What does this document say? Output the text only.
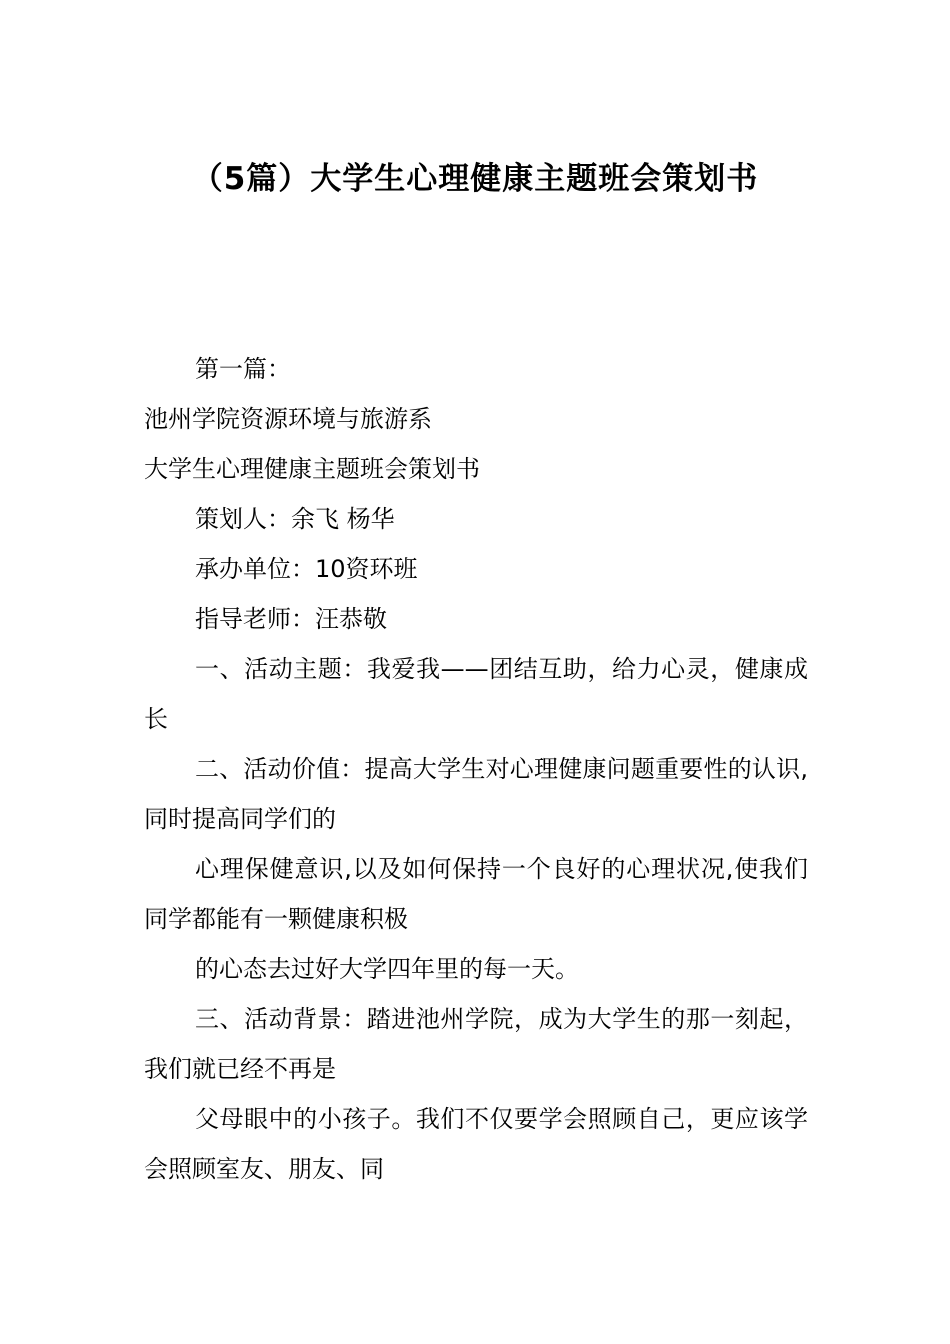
（5篇）大学生心理健康主题班会策划书

第一篇：

池州学院资源环境与旅游系

大学生心理健康主题班会策划书

策划人：余飞 杨华

承办单位：10资环班

指导老师：汪恭敬

一、活动主题：我爱我——团结互助，给力心灵，健康成长

二、活动价值：提高大学生对心理健康问题重要性的认识,同时提高同学们的

心理保健意识,以及如何保持一个良好的心理状况,使我们同学都能有一颗健康积极

的心态去过好大学四年里的每一天。

三、活动背景：踏进池州学院，成为大学生的那一刻起，我们就已经不再是

父母眼中的小孩子。我们不仅要学会照顾自己，更应该学会照顾室友、朋友、同
